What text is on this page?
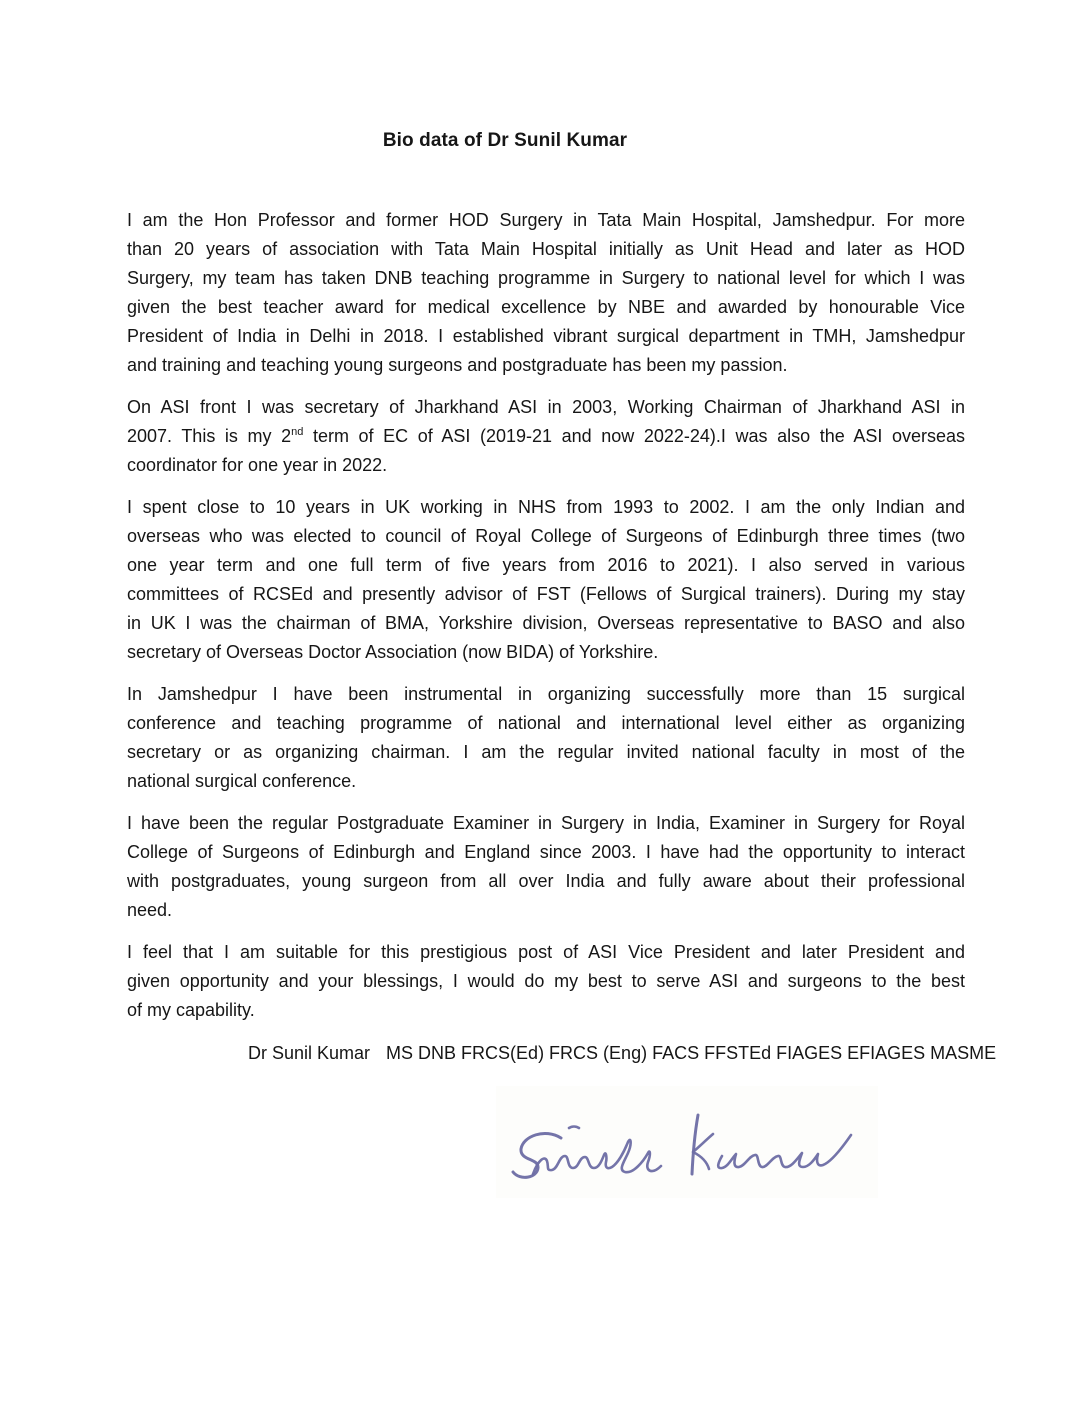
Bio data of Dr Sunil Kumar
I am the Hon Professor and former HOD Surgery in Tata Main Hospital, Jamshedpur. For more
than 20 years of association with Tata Main Hospital initially as Unit Head and later as HOD
Surgery, my team has taken DNB teaching programme in Surgery to national level for which I was
given the best teacher award for medical excellence by NBE and awarded by honourable Vice
President of India in Delhi in 2018. I established vibrant surgical department in TMH, Jamshedpur
and training and teaching young surgeons and postgraduate has been my passion.
On ASI front I was secretary of Jharkhand ASI in 2003, Working Chairman of Jharkhand ASI in
2007. This is my 2nd term of EC of ASI (2019-21 and now 2022-24).I was also the ASI overseas
coordinator for one year in 2022.
I spent close to 10 years in UK working in NHS from 1993 to 2002. I am the only Indian and
overseas who was elected to council of Royal College of Surgeons of Edinburgh three times (two
one year term and one full term of five years from 2016 to 2021). I also served in various
committees of RCSEd and presently advisor of FST (Fellows of Surgical trainers). During my stay
in UK I was the chairman of BMA, Yorkshire division, Overseas representative to BASO and also
secretary of Overseas Doctor Association (now BIDA) of Yorkshire.
In Jamshedpur I have been instrumental in organizing successfully more than 15 surgical
conference and teaching programme of national and international level either as organizing
secretary or as organizing chairman. I am the regular invited national faculty in most of the
national surgical conference.
I have been the regular Postgraduate Examiner in Surgery in India, Examiner in Surgery for Royal
College of Surgeons of Edinburgh and England since 2003. I have had the opportunity to interact
with postgraduates, young surgeon from all over India and fully aware about their professional
need.
I feel that I am suitable for this prestigious post of ASI Vice President and later President and
given opportunity and your blessings, I would do my best to serve ASI and surgeons to the best
of my capability.
Dr Sunil Kumar MS DNB FRCS(Ed) FRCS (Eng) FACS FFSTEd FIAGES EFIAGES MASME
